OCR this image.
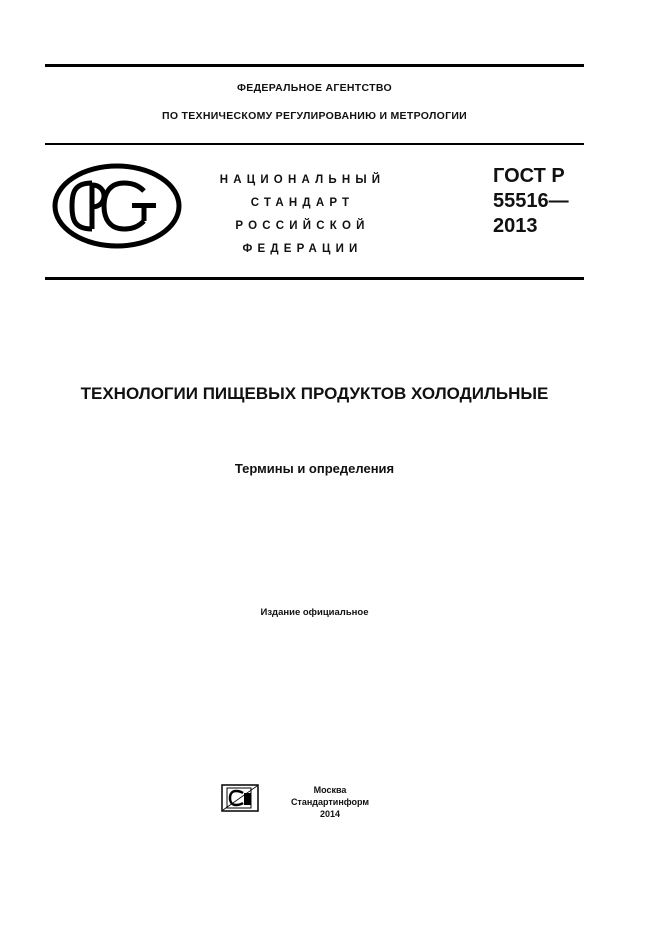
ФЕДЕРАЛЬНОЕ АГЕНТСТВО
ПО ТЕХНИЧЕСКОМУ РЕГУЛИРОВАНИЮ И МЕТРОЛОГИИ
НАЦИОНАЛЬНЫЙ
СТАНДАРТ
РОССИЙСКОЙ
ФЕДЕРАЦИИ
ГОСТ Р
55516—
2013
ТЕХНОЛОГИИ ПИЩЕВЫХ ПРОДУКТОВ ХОЛОДИЛЬНЫЕ
Термины и определения
Издание официальное
Москва
Стандартинформ
2014
